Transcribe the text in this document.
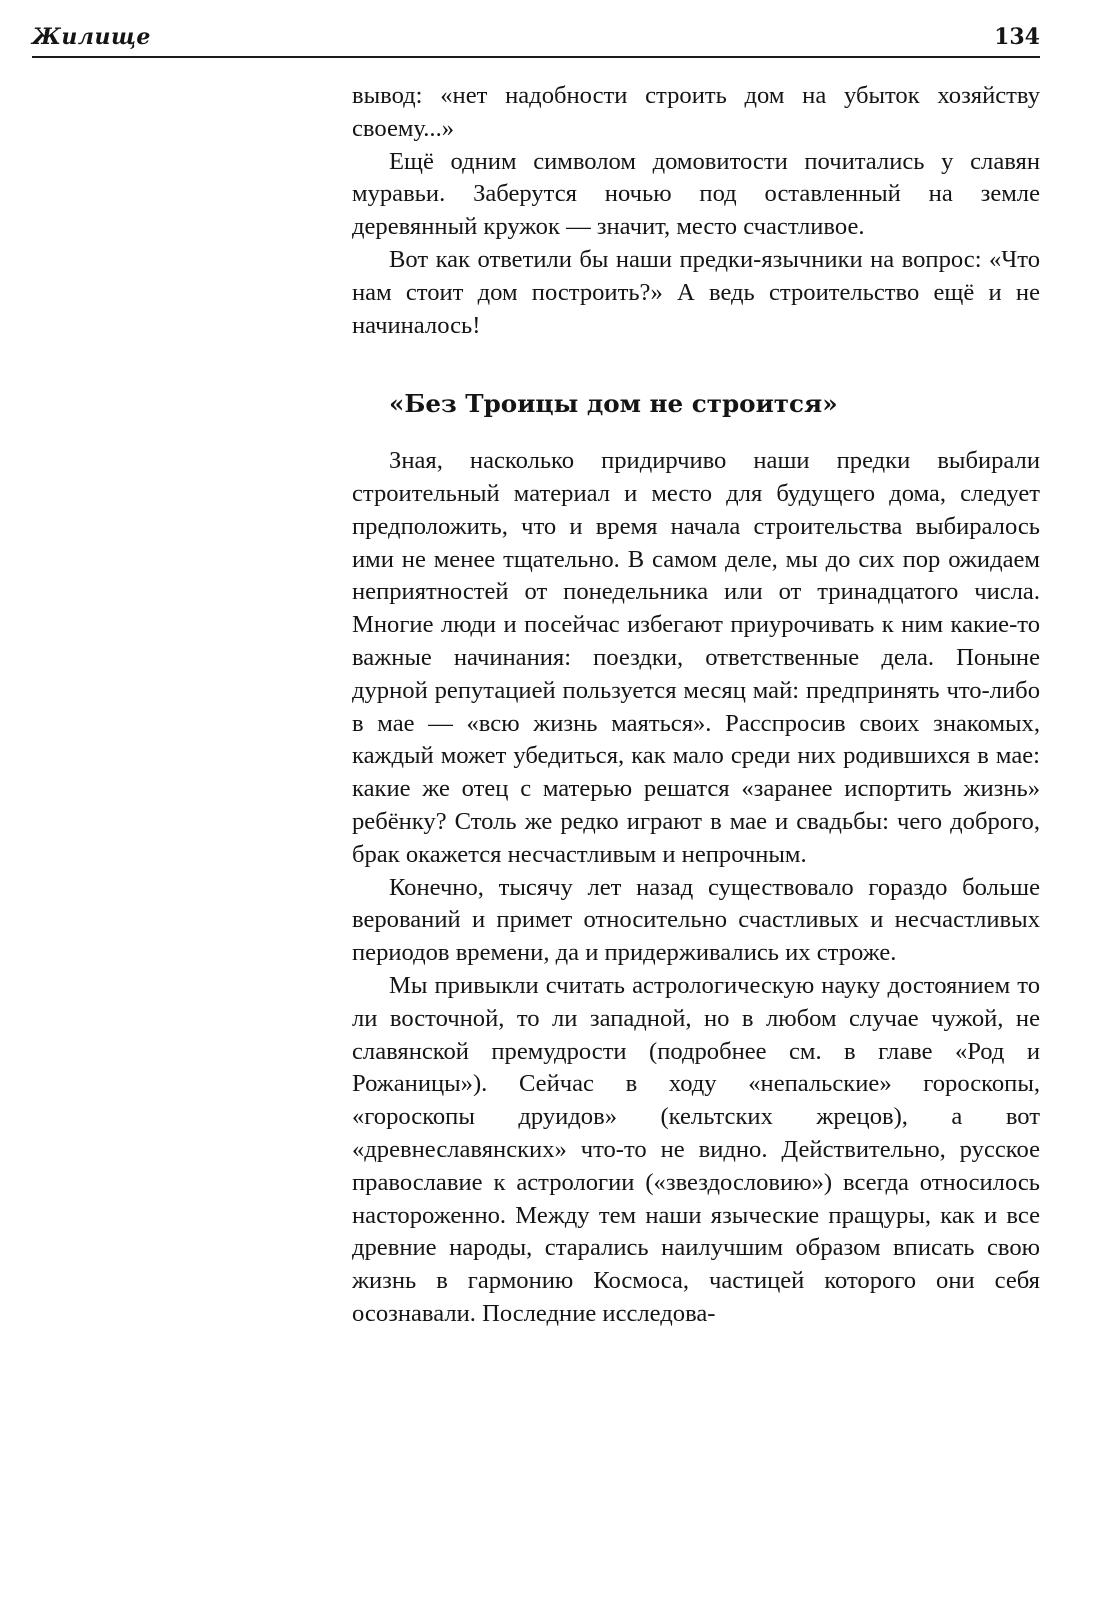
Жилище	134

вывод: «нет надобности строить дом на убыток хозяйству своему...»

Ещё одним символом домовитости почитались у славян муравьи. Заберутся ночью под оставленный на земле деревянный кружок — значит, место счастливое.

Вот как ответили бы наши предки-язычники на вопрос: «Что нам стоит дом построить?» А ведь строительство ещё и не начиналось!

«Без Троицы дом не строится»

Зная, насколько придирчиво наши предки выбирали строительный материал и место для будущего дома, следует предположить, что и время начала строительства выбиралось ими не менее тщательно. В самом деле, мы до сих пор ожидаем неприятностей от понедельника или от тринадцатого числа. Многие люди и посейчас избегают приурочивать к ним какие-то важные начинания: поездки, ответственные дела. Поныне дурной репутацией пользуется месяц май: предпринять что-либо в мае — «всю жизнь маяться». Расспросив своих знакомых, каждый может убедиться, как мало среди них родившихся в мае: какие же отец с матерью решатся «заранее испортить жизнь» ребёнку? Столь же редко играют в мае и свадьбы: чего доброго, брак окажется несчастливым и непрочным.

Конечно, тысячу лет назад существовало гораздо больше верований и примет относительно счастливых и несчастливых периодов времени, да и придерживались их строже.

Мы привыкли считать астрологическую науку достоянием то ли восточной, то ли западной, но в любом случае чужой, не славянской премудрости (подробнее см. в главе «Род и Рожаницы»). Сейчас в ходу «непальские» гороскопы, «гороскопы друидов» (кельтских жрецов), а вот «древнеславянских» что-то не видно. Действительно, русское православие к астрологии («звездословию») всегда относилось настороженно. Между тем наши языческие пращуры, как и все древние народы, старались наилучшим образом вписать свою жизнь в гармонию Космоса, частицей которого они себя осознавали. Последние исследова-
